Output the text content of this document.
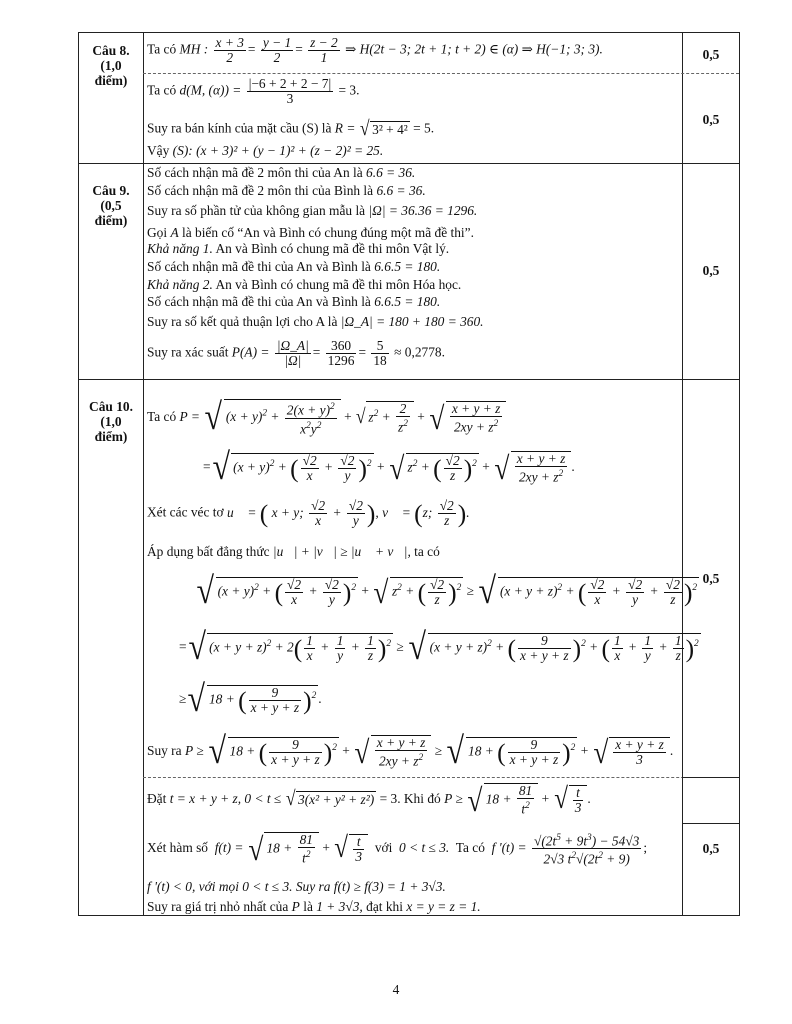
Câu 8.
(1,0
điểm)
0,5
0,5
Ta có MH : $\frac{x + 3}{2} = \frac{y - 1}{2} = \frac{z - 2}{1}$ ⇒ H(2t − 3; 2t + 1; t + 2) ∈ (α) ⇒ H(−1; 3; 3).
Ta có d(M, $(\alpha)) = \frac{|-6 + 2 + 2 - 7|}{3} = 3$.
Suy ra bán kính của mặt cầu (S) là R = √ 3² + 4² = 5.
Vậy (S): (x + 3)² + (y − 1)² + (z − 2)² = 25.
Câu 9.
(0,5
điểm)
0,5
Số cách nhận mã đề 2 môn thi của An là 6.6 = 36.
Số cách nhận mã đề 2 môn thi của Bình là 6.6 = 36.
Suy ra số phần tử của không gian mẫu là |Ω| = 36.36 = 1296.
Gọi A là biến cố “An và Bình có chung đúng một mã đề thi”.
Khả năng 1. An và Bình có chung mã đề thi môn Vật lý.
Số cách nhận mã đề thi của An và Bình là 6.6.5 = 180.
Khả năng 2. An và Bình có chung mã đề thi môn Hóa học.
Số cách nhận mã đề thi của An và Bình là 6.6.5 = 180.
Suy ra số kết quả thuận lợi cho A là |Ω_A| = 180 + 180 = 360.
Suy ra xác suất $P(A) = \frac{|\Omega\_A|}{|\Omega|} = \frac{360}{1296} = \frac{5}{18} \approx 0,2778$.
Câu 10.
(1,0
điểm)
0,5
0,5
Ta có P = √ $(x + y)^2 + \frac{2(x + y)^2}{x^2y^2}$ + √ $z^2 + \frac{2}{z^2}$ + √ $\frac{x + y + z}{2xy + z^2}$
=√ $(x + y)^2$ + ( $\frac{√2}{x} + \frac{√2}{y} )^2$ + √ $z^2$ + ( $\frac{√2}{z} )^2$ + √ $\frac{x + y + z}{2xy + z^2}$ .
Xét các véc tơ u⃗ = ( x + y; $\frac{√2}{x} + \frac{√2}{y}$ ), v⃗ = (z; $\frac{√2}{z}$ ).
Áp dụng bất đẳng thức |u⃗| + |v⃗| ≥ |u⃗ + v⃗|, ta có
√ $(x + y)^2$ + ( $\frac{√2}{x} + \frac{√2}{y} )^2$ + √ $z^2$ + ( $\frac{√2}{z} )^2$ ≥ √ $(x + y + z)^2$ + ( $\frac{√2}{x} + \frac{√2}{y} + \frac{√2}{z} )^2$
=√ $(x + y + z)^2 + 2( \frac{1}{x} + \frac{1}{y} + \frac{1}{z} )^2$ ≥ √ $(x + y + z)^2$ + ( $\frac{9}{x + y + z} )^2$ + ( $\frac{1}{x} + \frac{1}{y} + \frac{1}{z} )^2$
≥√ 18 + ( $\frac{9}{x + y + z} )^2$ .
Suy ra P ≥ √ 18 + ( $\frac{9}{x + y + z} )^2$ + √ $\frac{x + y + z}{2xy + z^2}$ ≥ √ 18 + ( $\frac{9}{x + y + z} )^2$ + √ $\frac{x + y + z}{3}$ .
Đặt t = x + y + z, 0 < t ≤ √ 3(x² + y² + z²) = 3. Khi đó P ≥ √ $18 + \frac{81}{t^2}$ + √ $\frac{t}{3}$ .
Xét hàm số f(t) = √ $18 + \frac{81}{t^2}$ + √ $\frac{t}{3}$ với 0 < t ≤ 3. Ta có f '$(t) = \frac{√(2t^5 + 9t^3) - 54√3}{2√3 t^2√(2t^2 + 9)}$ ;
f '(t) < 0, với mọi 0 < t ≤ 3. Suy ra f(t) ≥ f(3) = 1 + 3√3.
Suy ra giá trị nhỏ nhất của P là 1 + 3√3, đạt khi x = y = z = 1.
4
